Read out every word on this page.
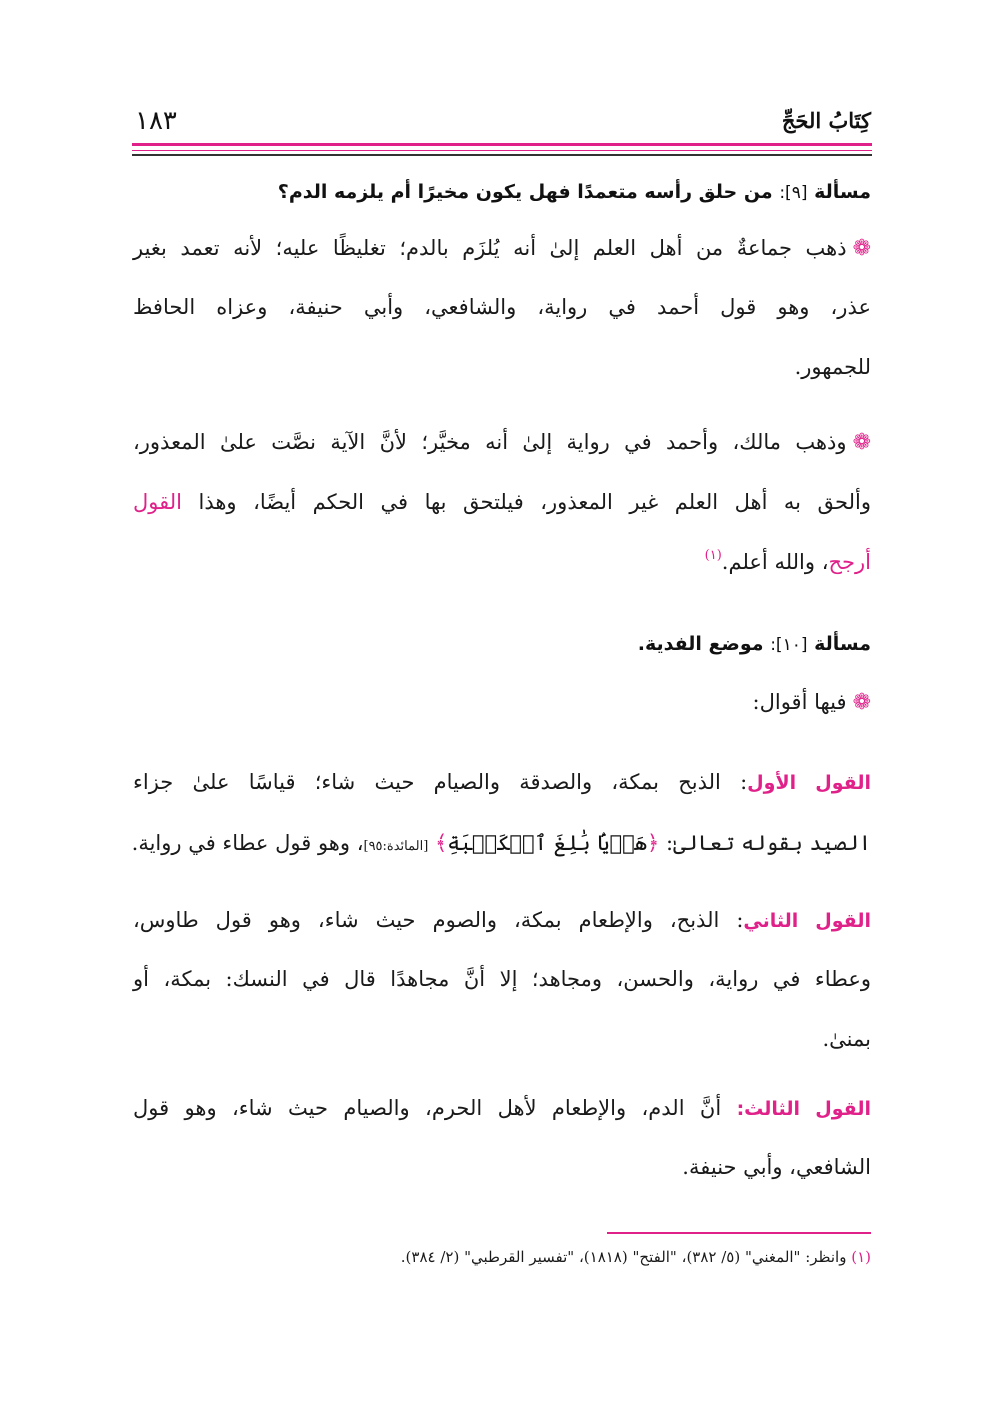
كِتَابُ الحَجِّ
١٨٣
مسألة [٩]: من حلق رأسه متعمدًا فهل يكون مخيرًا أم يلزمه الدم؟
❁ذهب جماعةٌ من أهل العلم إلىٰ أنه يُلزَم بالدم؛ تغليظًا عليه؛ لأنه تعمد بغير
عذر، وهو قول أحمد في رواية، والشافعي، وأبي حنيفة، وعزاه الحافظ
للجمهور.
❁وذهب مالك، وأحمد في رواية إلىٰ أنه مخيَّر؛ لأنَّ الآية نصَّت علىٰ المعذور،
وألحق به أهل العلم غير المعذور، فيلتحق بها في الحكم أيضًا، وهذا القول
أرجح، والله أعلم.$^{(١)}$
مسألة [١٠]: موضع الفدية.
❁فيها أقوال:
القول الأول: الذبح بمكة، والصدقة والصيام حيث شاء؛ قياسًا علىٰ جزاء
الصيد بقوله تعالىٰ: ﴿هَدۡيَۢا بَٰلِغَ ٱلۡكَعۡبَةِ﴾ [المائدة:٩٥]، وهو قول عطاء في رواية.
القول الثاني: الذبح، والإطعام بمكة، والصوم حيث شاء، وهو قول طاوس،
وعطاء في رواية، والحسن، ومجاهد؛ إلا أنَّ مجاهدًا قال في النسك: بمكة، أو
بمنىٰ.
القول الثالث: أنَّ الدم، والإطعام لأهل الحرم، والصيام حيث شاء، وهو قول
الشافعي، وأبي حنيفة.
(١) وانظر: "المغني" (٥/ ٣٨٢)، "الفتح" (١٨١٨)، "تفسير القرطبي" (٢/ ٣٨٤).
